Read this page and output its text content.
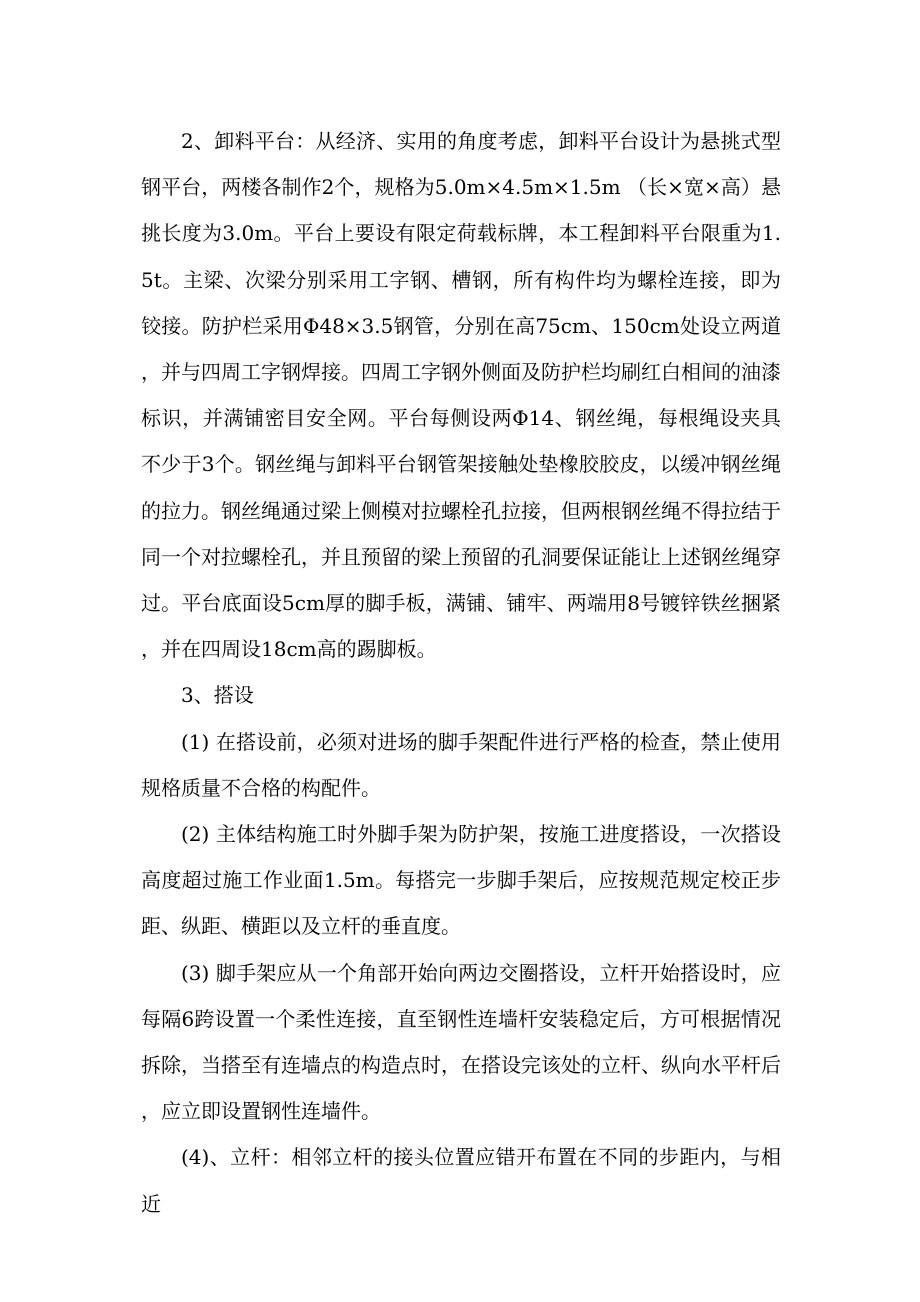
2、卸料平台：从经济、实用的角度考虑，卸料平台设计为悬挑式型钢平台，两楼各制作2个，规格为5.0m×4.5m×1.5m （长×宽×高）悬挑长度为3.0m。平台上要设有限定荷载标牌，本工程卸料平台限重为1.5t。主梁、次梁分别采用工字钢、槽钢，所有构件均为螺栓连接，即为铰接。防护栏采用Φ48×3.5钢管，分别在高75cm、150cm处设立两道，并与四周工字钢焊接。四周工字钢外侧面及防护栏均刷红白相间的油漆标识，并满铺密目安全网。平台每侧设两Φ14、钢丝绳，每根绳设夹具不少于3个。钢丝绳与卸料平台钢管架接触处垫橡胶胶皮，以缓冲钢丝绳的拉力。钢丝绳通过梁上侧模对拉螺栓孔拉接，但两根钢丝绳不得拉结于同一个对拉螺栓孔，并且预留的梁上预留的孔洞要保证能让上述钢丝绳穿过。平台底面设5cm厚的脚手板，满铺、铺牢、两端用8号镀锌铁丝捆紧，并在四周设18cm高的踢脚板。

3、搭设

(1) 在搭设前，必须对进场的脚手架配件进行严格的检查，禁止使用规格质量不合格的构配件。

(2) 主体结构施工时外脚手架为防护架，按施工进度搭设，一次搭设高度超过施工作业面1.5m。每搭完一步脚手架后，应按规范规定校正步距、纵距、横距以及立杆的垂直度。

(3) 脚手架应从一个角部开始向两边交圈搭设，立杆开始搭设时，应每隔6跨设置一个柔性连接，直至钢性连墙杆安装稳定后，方可根据情况拆除，当搭至有连墙点的构造点时，在搭设完该处的立杆、纵向水平杆后，应立即设置钢性连墙件。

(4)、立杆：相邻立杆的接头位置应错开布置在不同的步距内，与相近
